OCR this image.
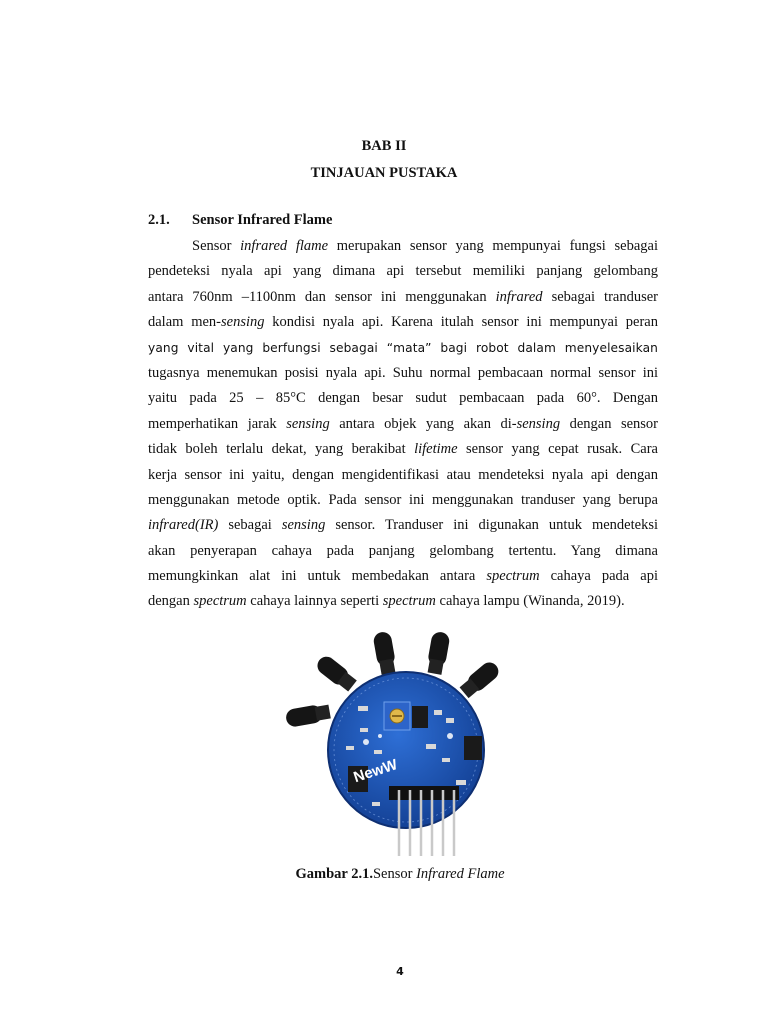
BAB II
TINJAUAN PUSTAKA
2.1. Sensor Infrared Flame
Sensor infrared flame merupakan sensor yang mempunyai fungsi sebagai
pendeteksi nyala api yang dimana api tersebut memiliki panjang gelombang
antara 760nm –1100nm dan sensor ini menggunakan infrared sebagai tranduser
dalam men-sensing kondisi nyala api. Karena itulah sensor ini mempunyai peran
yang vital yang berfungsi sebagai “mata” bagi robot dalam menyelesaikan
tugasnya menemukan posisi nyala api. Suhu normal pembacaan normal sensor ini
yaitu pada 25 – 85°C dengan besar sudut pembacaan pada 60°. Dengan
memperhatikan jarak sensing antara objek yang akan di-sensing dengan sensor
tidak boleh terlalu dekat, yang berakibat lifetime sensor yang cepat rusak. Cara
kerja sensor ini yaitu, dengan mengidentifikasi atau mendeteksi nyala api dengan
menggunakan metode optik. Pada sensor ini menggunakan tranduser yang berupa
infrared(IR) sebagai sensing sensor. Tranduser ini digunakan untuk mendeteksi
akan penyerapan cahaya pada panjang gelombang tertentu. Yang dimana
memungkinkan alat ini untuk membedakan antara spectrum cahaya pada api
dengan spectrum cahaya lainnya seperti spectrum cahaya lampu (Winanda, 2019).
NewW
Gambar 2.1.Sensor Infrared Flame
4
